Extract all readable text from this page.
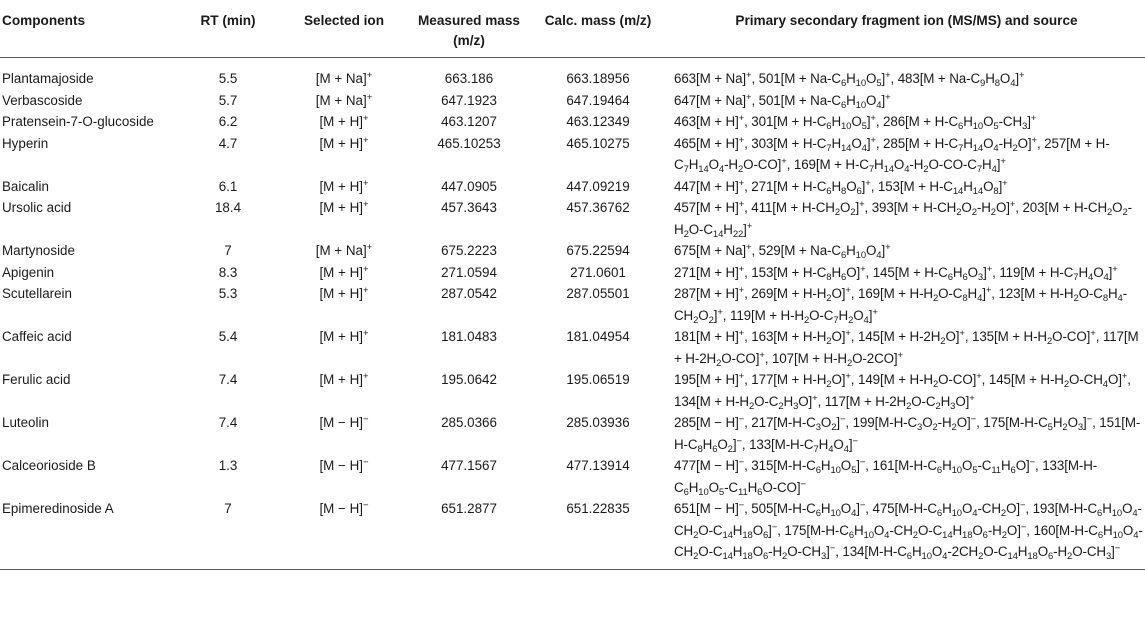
Components	RT (min)	Selected ion	Measured mass (m/z)	Calc. mass (m/z)	Primary secondary fragment ion (MS/MS) and source
Plantamajoside	5.5	[M + Na]+	663.186	663.18956	663[M + Na]+, $501[M + Na-C_6H_{10}O_5]^+$, $483[M + Na-C_9H_8O_4]^+$
Verbascoside	5.7	[M + Na]+	647.1923	647.19464	647[M + Na]+, $501[M + Na-C_6H_{10}O_4]^+$
Pratensein-7-O-glucoside	6.2	[M + H]+	463.1207	463.12349	463[M + H]+, $301[M + H-C_6H_{10}O_5]^+$, $286[M + H-C_6H_{10}O_5-CH_3]^+$
Hyperin	4.7	[M + H]+	465.10253	465.10275	465[M + H]+, $303[M + H-C_7H_{14}O_4]^+$, $285[M + H-C_7H_{14}O_4-H_2O]^+$, $257[M + H-C_7H_{14}O_4-H_2O-CO]^+$, $169[M + H-C_7H_{14}O_4-H_2O-CO-C_7H_4]^+$
Baicalin	6.1	[M + H]+	447.0905	447.09219	447[M + H]+, $271[M + H-C_6H_8O_6]^+$, $153[M + H-C_{14}H_{14}O_8]^+$
Ursolic acid	18.4	[M + H]+	457.3643	457.36762	457[M + H]+, $411[M + H-CH_2O_2]^+$, $393[M + H-CH_2O_2-H_2O]^+$, $203[M + H-CH_2O_2-H_2O-C_{14}H_{22}]^+$
Martynoside	7	[M + Na]+	675.2223	675.22594	675[M + Na]+, $529[M + Na-C_6H_{10}O_4]^+$
Apigenin	8.3	[M + H]+	271.0594	271.0601	271[M + H]+, $153[M + H-C_8H_6O]^+$, $145[M + H-C_6H_6O_3]^+$, $119[M + H-C_7H_4O_4]^+$
Scutellarein	5.3	[M + H]+	287.0542	287.05501	287[M + H]+, $269[M + H-H_2O]^+$, $169[M + H-H_2O-C_8H_4]^+$, $123[M + H-H_2O-C_8H_4-CH_2O_2]^+$, $119[M + H-H_2O-C_7H_2O_4]^+$
Caffeic acid	5.4	[M + H]+	181.0483	181.04954	181[M + H]+, $163[M + H-H_2O]^+$, $145[M + H-2H_2O]^+$, $135[M + H-H_2O-CO]^+$, $117[M + H-2H_2O-CO]^+$, $107[M + H-H_2O-2CO]^+$
Ferulic acid	7.4	[M + H]+	195.0642	195.06519	195[M + H]+, $177[M + H-H_2O]^+$, $149[M + H-H_2O-CO]^+$, $145[M + H-H_2O-CH_4O]^+$, $134[M + H-H_2O-C_2H_3O]^+$, $117[M + H-2H_2O-C_2H_3O]^+$
Luteolin	7.4	[M − H]−	285.0366	285.03936	285[M − H]−, $217[M-H-C_3O_2]^-$, $199[M-H-C_3O_2-H_2O]^-$, $175[M-H-C_5H_2O_3]^-$, $151[M-H-C_8H_6O_2]^-$, $133[M-H-C_7H_4O_4]^-$
Calceorioside B	1.3	[M − H]−	477.1567	477.13914	477[M − H]−, $315[M-H-C_6H_{10}O_5]^-$, $161[M-H-C_6H_{10}O_5-C_{11}H_6O]^-$, $133[M-H-C_6H_{10}O_5-C_{11}H_6O-CO]^-$
Epimeredinoside A	7	[M − H]−	651.2877	651.22835	651[M − H]−, $505[M-H-C_6H_{10}O_4]^-$, $475[M-H-C_6H_{10}O_4-CH_2O]^-$, $193[M-H-C_6H_{10}O_4-CH_2O-C_{14}H_{18}O_6]^-$, $175[M-H-C_6H_{10}O_4-CH_2O-C_{14}H_{18}O_6-H_2O]^-$, $160[M-H-C_6H_{10}O_4-CH_2O-C_{14}H_{18}O_6-H_2O-CH_3]^-$, $134[M-H-C_6H_{10}O_4-2CH_2O-C_{14}H_{18}O_6-H_2O-CH_3]^-$
